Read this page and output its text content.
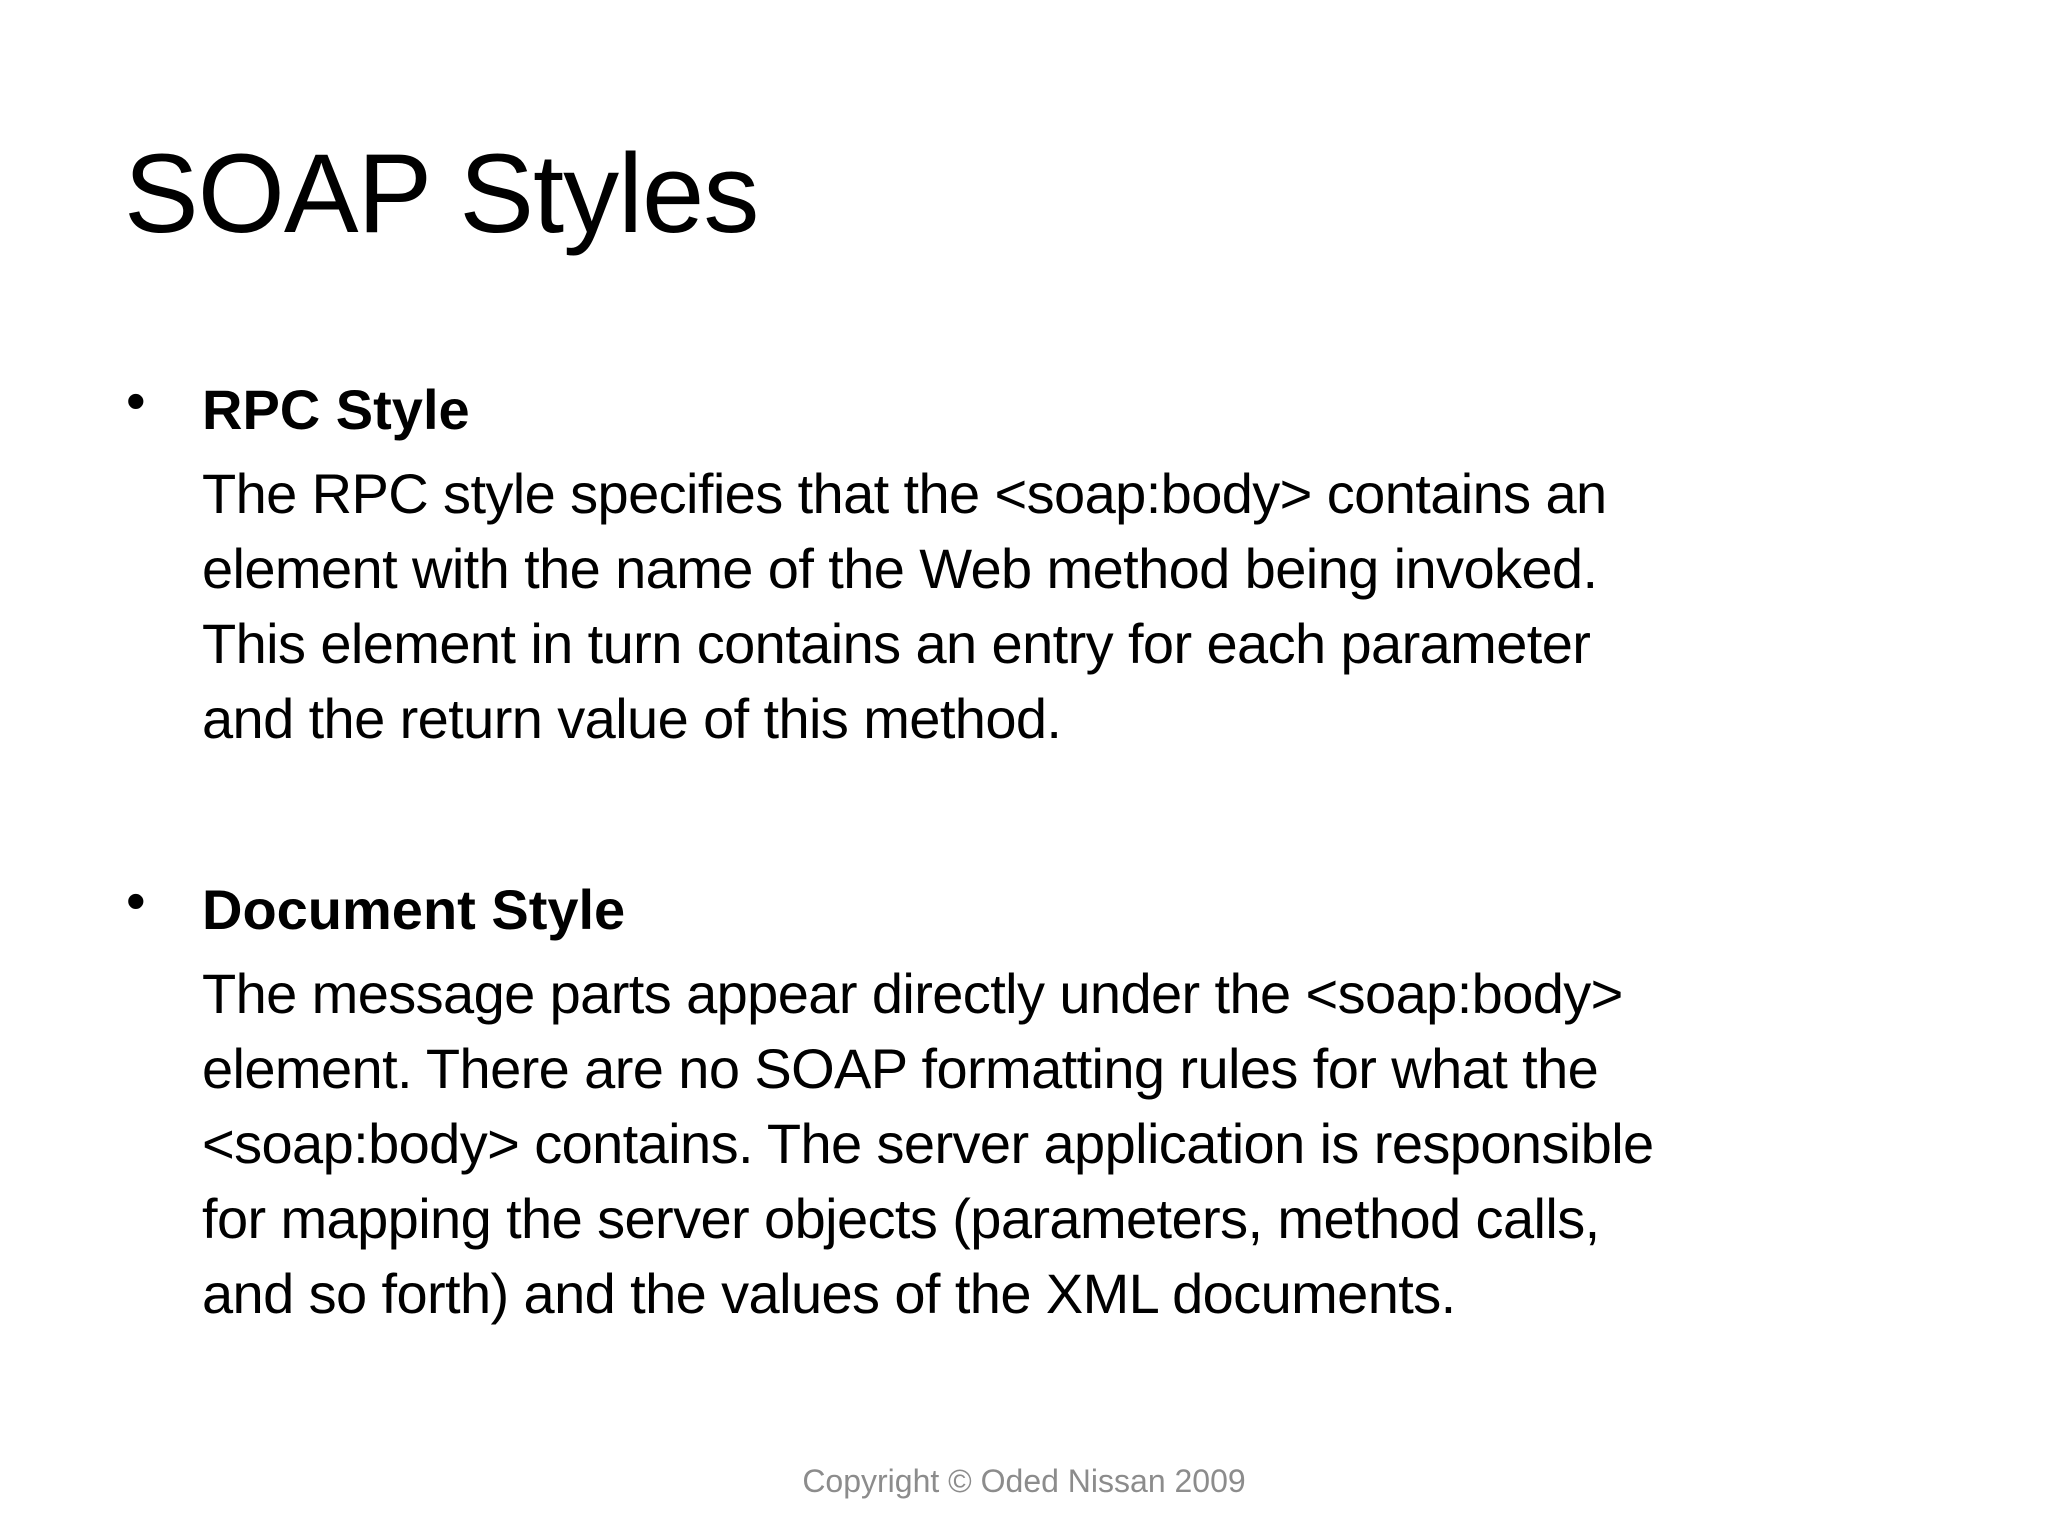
SOAP Styles
• RPC Style
The RPC style specifies that the <soap:body> contains an
element with the name of the Web method being invoked.
This element in turn contains an entry for each parameter
and the return value of this method.
• Document Style
The message parts appear directly under the <soap:body>
element. There are no SOAP formatting rules for what the
<soap:body> contains. The server application is responsible
for mapping the server objects (parameters, method calls,
and so forth) and the values of the XML documents.
Copyright © Oded Nissan 2009
